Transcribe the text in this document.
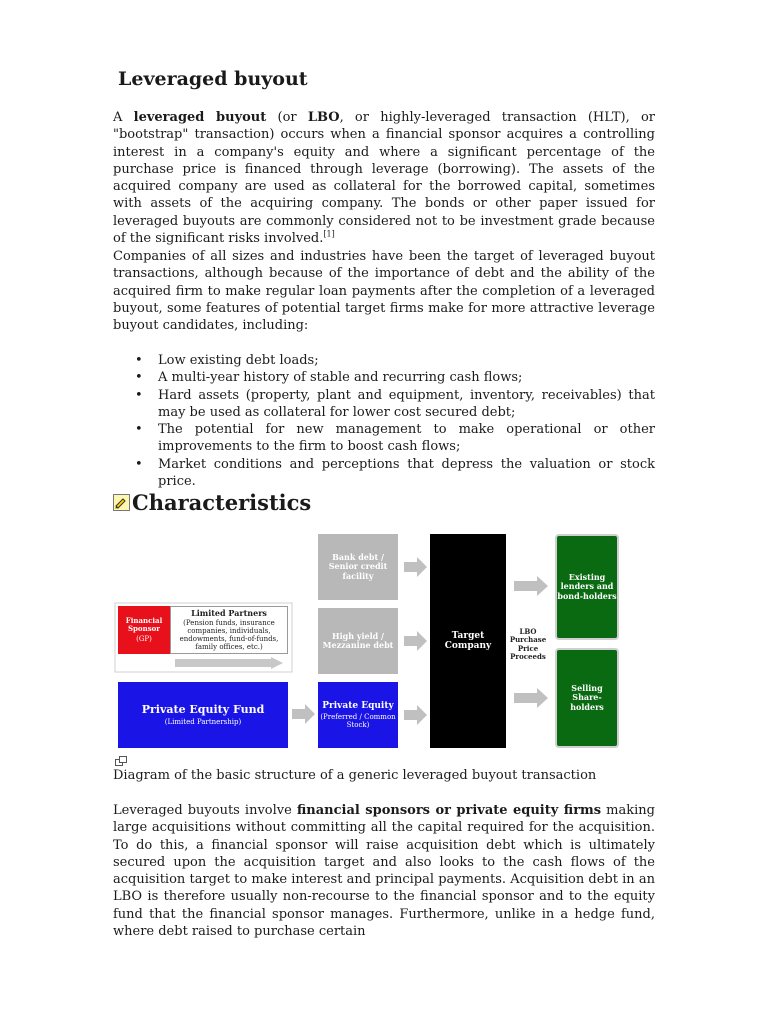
Leveraged buyout

A leveraged buyout (or LBO, or highly-leveraged transaction (HLT), or "bootstrap" transaction) occurs when a financial sponsor acquires a controlling interest in a company's equity and where a significant percentage of the purchase price is financed through leverage (borrowing). The assets of the acquired company are used as collateral for the borrowed capital, sometimes with assets of the acquiring company. The bonds or other paper issued for leveraged buyouts are commonly considered not to be investment grade because of the significant risks involved.[1]

Companies of all sizes and industries have been the target of leveraged buyout transactions, although because of the importance of debt and the ability of the acquired firm to make regular loan payments after the completion of a leveraged buyout, some features of potential target firms make for more attractive leverage buyout candidates, including:

• Low existing debt loads;
• A multi-year history of stable and recurring cash flows;
• Hard assets (property, plant and equipment, inventory, receivables) that may be used as collateral for lower cost secured debt;
• The potential for new management to make operational or other improvements to the firm to boost cash flows;
• Market conditions and perceptions that depress the valuation or stock price.
Characteristics
Bank debt / Senior credit facility
High yield / Mezzanine debt
Private Equity
(Preferred / Common Stock)
Target Company
LBO Purchase Price Proceeds
Existing lenders and bond-holders
Selling Share-holders
Financial Sponsor
(GP)
Limited Partners
(Pension funds, insurance companies, individuals, endowments, fund-of-funds, family offices, etc.)
Private Equity Fund
(Limited Partnership)

Diagram of the basic structure of a generic leveraged buyout transaction

Leveraged buyouts involve financial sponsors or private equity firms making large acquisitions without committing all the capital required for the acquisition. To do this, a financial sponsor will raise acquisition debt which is ultimately secured upon the acquisition target and also looks to the cash flows of the acquisition target to make interest and principal payments. Acquisition debt in an LBO is therefore usually non-recourse to the financial sponsor and to the equity fund that the financial sponsor manages. Furthermore, unlike in a hedge fund, where debt raised to purchase certain
